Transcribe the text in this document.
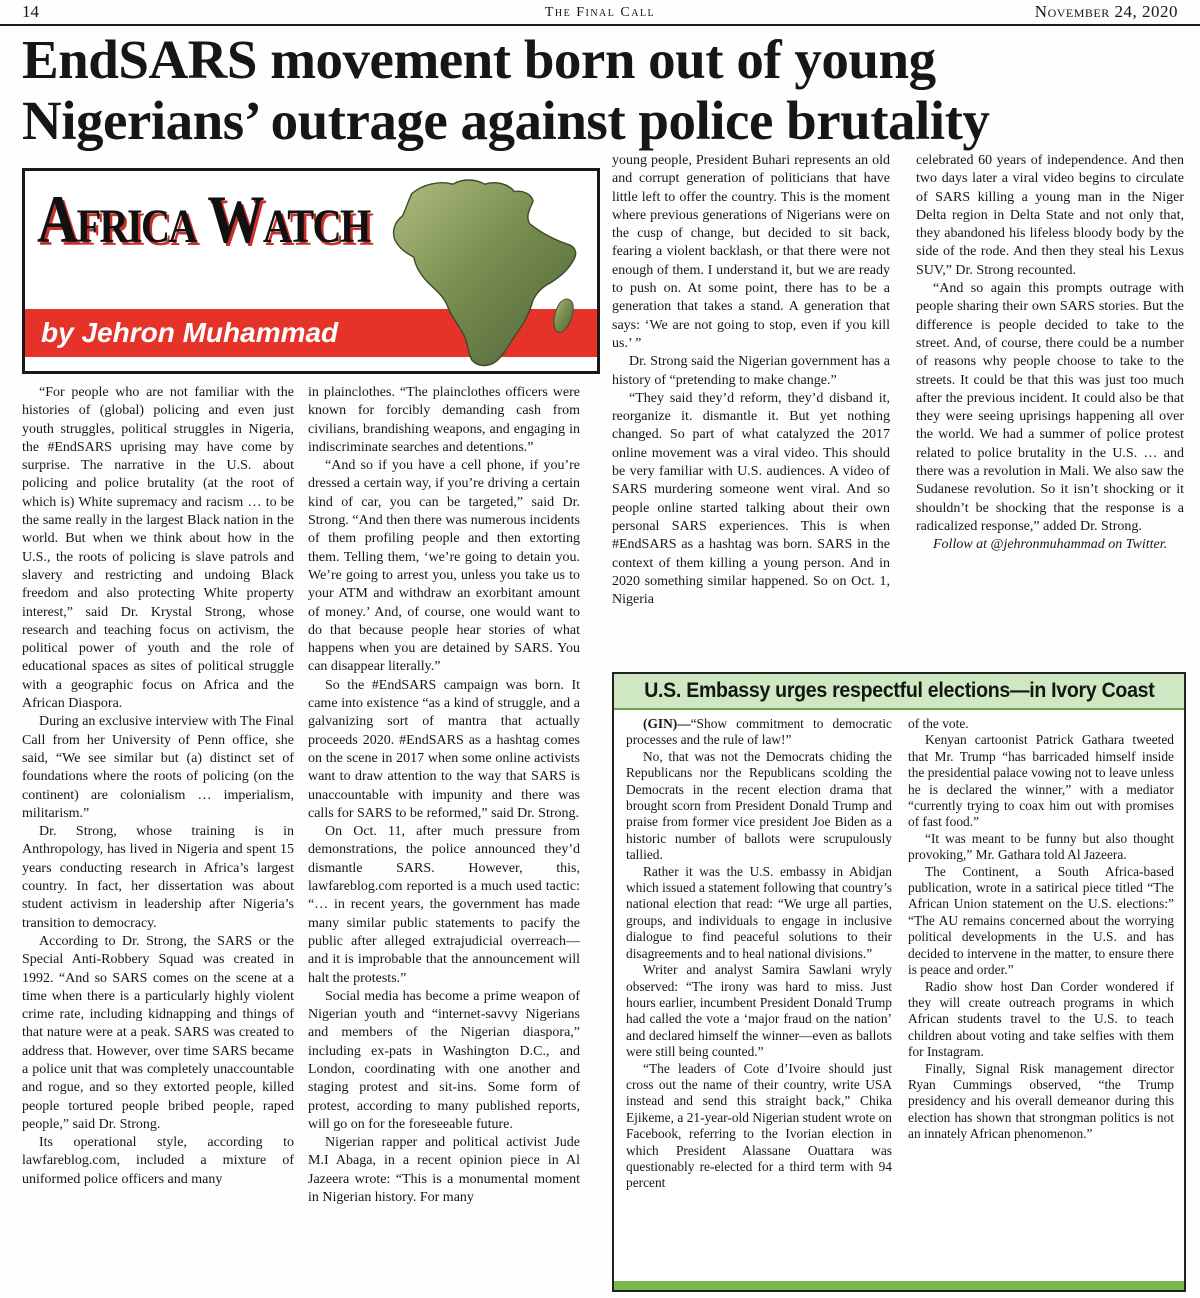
14	The Final Call	November 24, 2020
EndSARS movement born out of young
Nigerians’ outrage against police brutality
Africa Watch
by Jehron Muhammad

“For people who are not familiar with the histories of (global) policing and even just youth struggles, political struggles in Nigeria, the #EndSARS uprising may have come by surprise. The narrative in the U.S. about policing and police brutality (at the root of which is) White supremacy and racism … to be the same really in the largest Black nation in the world. But when we think about how in the U.S., the roots of policing is slave patrols and slavery and restricting and undoing Black freedom and also protecting White property interest,” said Dr. Krystal Strong, whose research and teaching focus on activism, the political power of youth and the role of educational spaces as sites of political struggle with a geographic focus on Africa and the African Diaspora.

During an exclusive interview with The Final Call from her University of Penn office, she said, “We see similar but (a) distinct set of foundations where the roots of policing (on the continent) are colonialism … imperialism, militarism.”

Dr. Strong, whose training is in Anthropology, has lived in Nigeria and spent 15 years conducting research in Africa’s largest country. In fact, her dissertation was about student activism in leadership after Nigeria’s transition to democracy.

According to Dr. Strong, the SARS or the Special Anti-Robbery Squad was created in 1992. “And so SARS comes on the scene at a time when there is a particularly highly violent crime rate, including kidnapping and things of that nature were at a peak. SARS was created to address that. However, over time SARS became a police unit that was completely unaccountable and rogue, and so they extorted people, killed people tortured people bribed people, raped people,” said Dr. Strong.

Its operational style, according to lawfareblog.com, included a mixture of uniformed police officers and many

in plainclothes. “The plainclothes officers were known for forcibly demanding cash from civilians, brandishing weapons, and engaging in indiscriminate searches and detentions.”

“And so if you have a cell phone, if you’re dressed a certain way, if you’re driving a certain kind of car, you can be targeted,” said Dr. Strong. “And then there was numerous incidents of them profiling people and then extorting them. Telling them, ‘we’re going to detain you. We’re going to arrest you, unless you take us to your ATM and withdraw an exorbitant amount of money.’ And, of course, one would want to do that because people hear stories of what happens when you are detained by SARS. You can disappear literally.”

So the #EndSARS campaign was born. It came into existence “as a kind of struggle, and a galvanizing sort of mantra that actually proceeds 2020. #EndSARS as a hashtag comes on the scene in 2017 when some online activists want to draw attention to the way that SARS is unaccountable with impunity and there was calls for SARS to be reformed,” said Dr. Strong.

On Oct. 11, after much pressure from demonstrations, the police announced they’d dismantle SARS. However, this, lawfareblog.com reported is a much used tactic: “… in recent years, the government has made many similar public statements to pacify the public after alleged extrajudicial overreach—and it is improbable that the announcement will halt the protests.”

Social media has become a prime weapon of Nigerian youth and “internet-savvy Nigerians and members of the Nigerian diaspora,” including ex-pats in Washington D.C., and London, coordinating with one another and staging protest and sit-ins. Some form of protest, according to many published reports, will go on for the foreseeable future.

Nigerian rapper and political activist Jude M.I Abaga, in a recent opinion piece in Al Jazeera wrote: “This is a monumental moment in Nigerian history. For many

young people, President Buhari represents an old and corrupt generation of politicians that have little left to offer the country. This is the moment where previous generations of Nigerians were on the cusp of change, but decided to sit back, fearing a violent backlash, or that there were not enough of them. I understand it, but we are ready to push on. At some point, there has to be a generation that takes a stand. A generation that says: ‘We are not going to stop, even if you kill us.’ ”

Dr. Strong said the Nigerian government has a history of “pretending to make change.”

“They said they’d reform, they’d disband it, reorganize it. dismantle it. But yet nothing changed. So part of what catalyzed the 2017 online movement was a viral video. This should be very familiar with U.S. audiences. A video of SARS murdering someone went viral. And so people online started talking about their own personal SARS experiences. This is when #EndSARS as a hashtag was born. SARS in the context of them killing a young person. And in 2020 something similar happened. So on Oct. 1, Nigeria

celebrated 60 years of independence. And then two days later a viral video begins to circulate of SARS killing a young man in the Niger Delta region in Delta State and not only that, they abandoned his lifeless bloody body by the side of the rode. And then they steal his Lexus SUV,” Dr. Strong recounted.

“And so again this prompts outrage with people sharing their own SARS stories. But the difference is people decided to take to the street. And, of course, there could be a number of reasons why people choose to take to the streets. It could be that this was just too much after the previous incident. It could also be that they were seeing uprisings happening all over the world. We had a summer of police protest related to police brutality in the U.S. … and there was a revolution in Mali. We also saw the Sudanese revolution. So it isn’t shocking or it shouldn’t be shocking that the response is a radicalized response,” added Dr. Strong.

Follow at @jehronmuhammad on Twitter.

U.S. Embassy urges respectful elections—in Ivory Coast

(GIN)—“Show commitment to democratic processes and the rule of law!”

No, that was not the Democrats chiding the Republicans nor the Republicans scolding the Democrats in the recent election drama that brought scorn from President Donald Trump and praise from former vice president Joe Biden as a historic number of ballots were scrupulously tallied.

Rather it was the U.S. embassy in Abidjan which issued a statement following that country’s national election that read: “We urge all parties, groups, and individuals to engage in inclusive dialogue to find peaceful solutions to their disagreements and to heal national divisions.”

Writer and analyst Samira Sawlani wryly observed: “The irony was hard to miss. Just hours earlier, incumbent President Donald Trump had called the vote a ‘major fraud on the nation’ and declared himself the winner—even as ballots were still being counted.”

“The leaders of Cote d’Ivoire should just cross out the name of their country, write USA instead and send this straight back,” Chika Ejikeme, a 21-year-old Nigerian student wrote on Facebook, referring to the Ivorian election in which President Alassane Ouattara was questionably re-elected for a third term with 94 percent

of the vote.

Kenyan cartoonist Patrick Gathara tweeted that Mr. Trump “has barricaded himself inside the presidential palace vowing not to leave unless he is declared the winner,” with a mediator “currently trying to coax him out with promises of fast food.”

“It was meant to be funny but also thought provoking,” Mr. Gathara told Al Jazeera.

The Continent, a South Africa-based publication, wrote in a satirical piece titled “The African Union statement on the U.S. elections:” “The AU remains concerned about the worrying political developments in the U.S. and has decided to intervene in the matter, to ensure there is peace and order.”

Radio show host Dan Corder wondered if they will create outreach programs in which African students travel to the U.S. to teach children about voting and take selfies with them for Instagram.

Finally, Signal Risk management director Ryan Cummings observed, “the Trump presidency and his overall demeanor during this election has shown that strongman politics is not an innately African phenomenon.”
